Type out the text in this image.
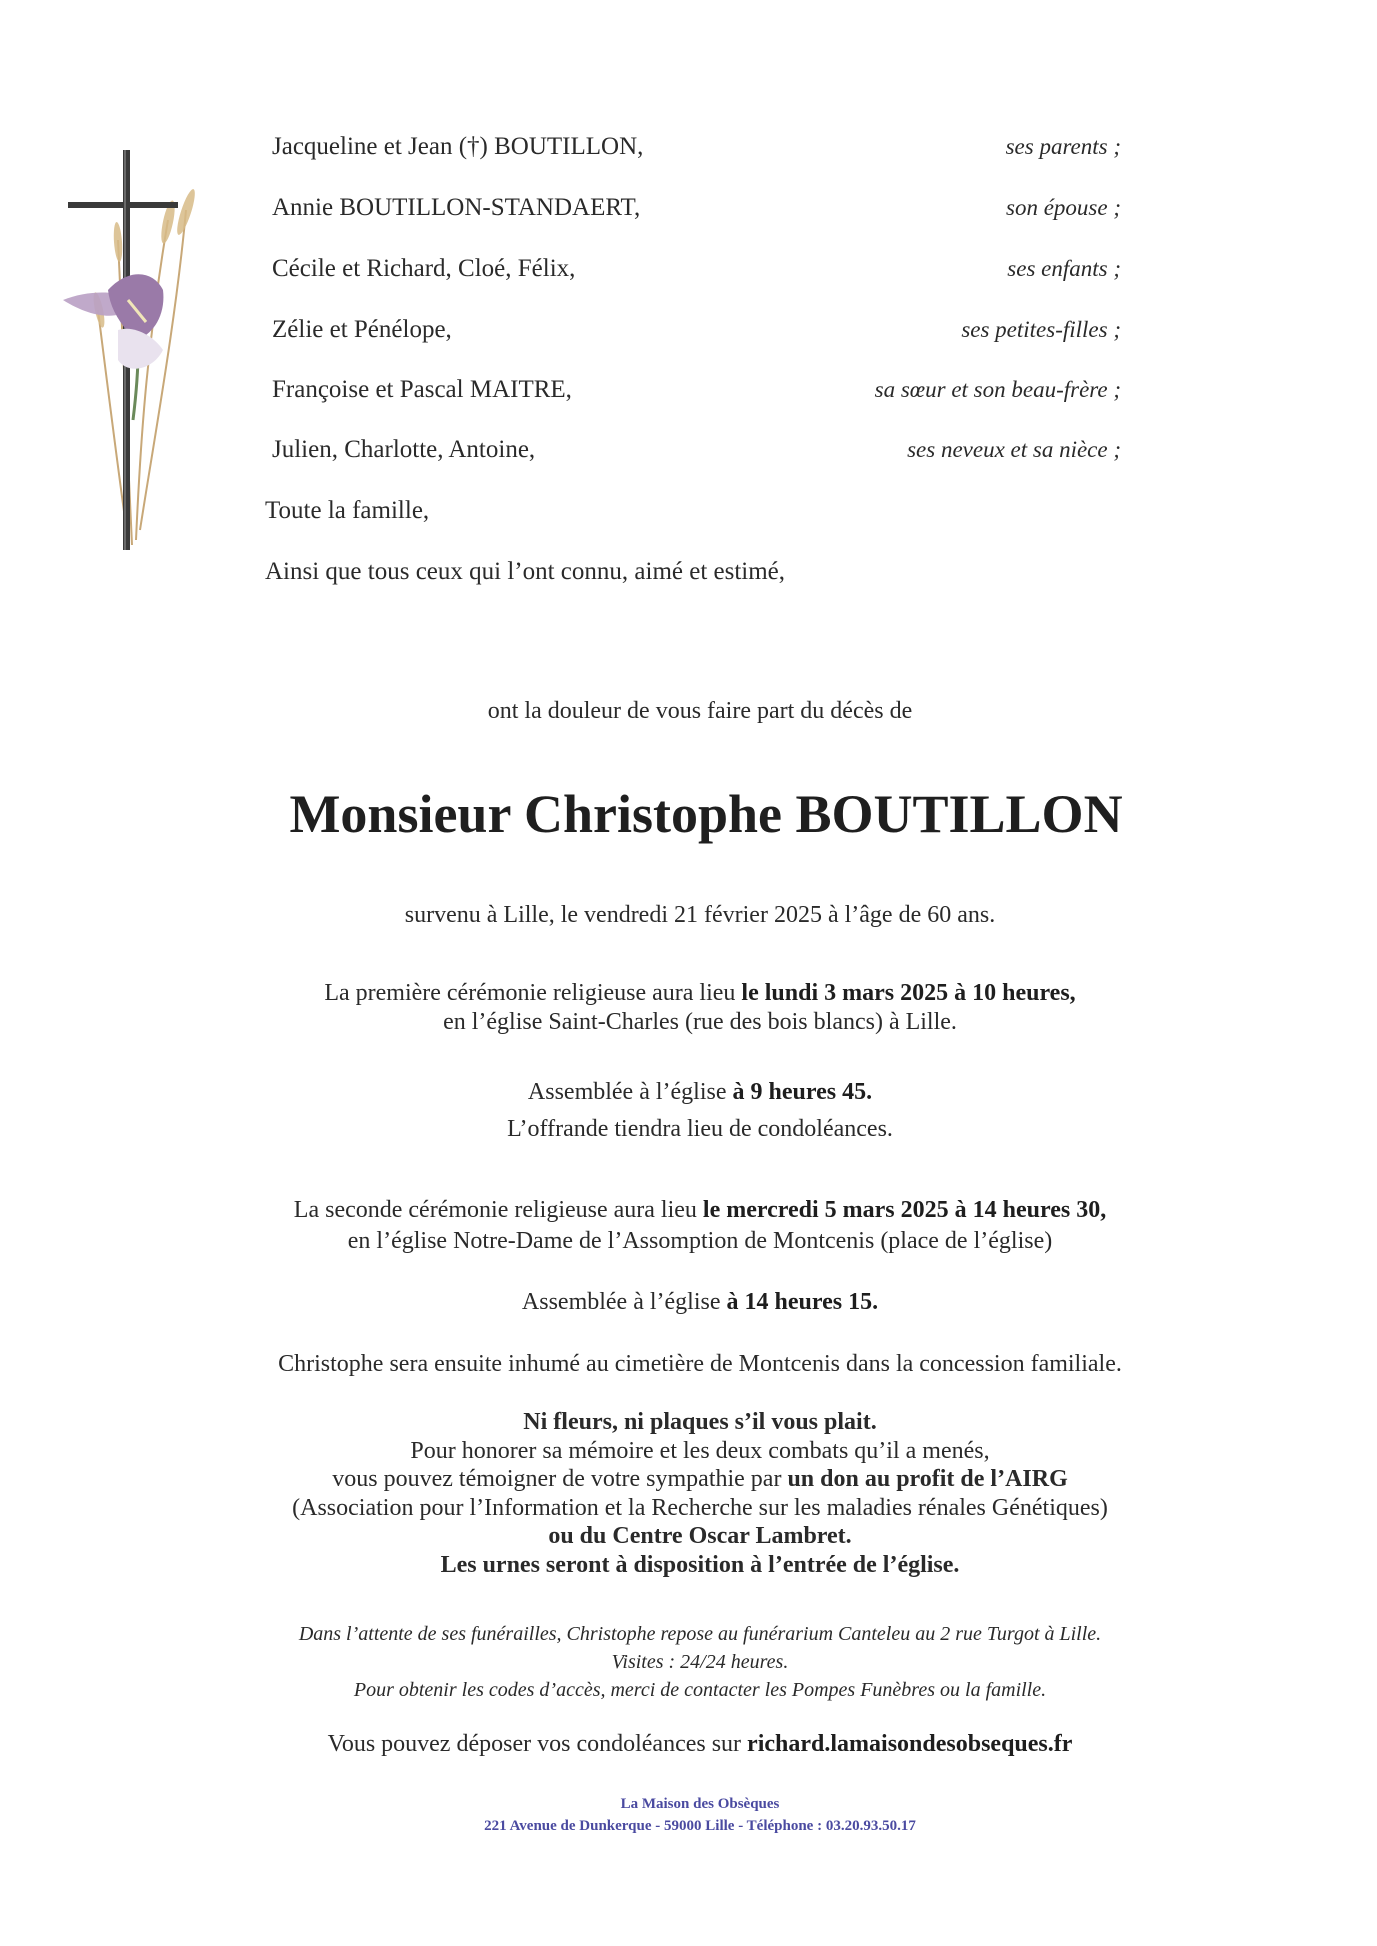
Jacqueline et Jean (†) BOUTILLON,	ses parents ;
Annie BOUTILLON-STANDAERT,	son épouse ;
Cécile et Richard, Cloé, Félix,	ses enfants ;
Zélie et Pénélope,	ses petites-filles ;
Françoise et Pascal MAITRE,	sa sœur et son beau-frère ;
Julien, Charlotte, Antoine,	ses neveux et sa nièce ;
Toute la famille,
Ainsi que tous ceux qui l’ont connu, aimé et estimé,
ont la douleur de vous faire part du décès de
Monsieur Christophe BOUTILLON
survenu à Lille, le vendredi 21 février 2025 à l’âge de 60 ans.
La première cérémonie religieuse aura lieu le lundi 3 mars 2025 à 10 heures,
en l’église Saint-Charles (rue des bois blancs) à Lille.
Assemblée à l’église à 9 heures 45.
L’offrande tiendra lieu de condoléances.
La seconde cérémonie religieuse aura lieu le mercredi 5 mars 2025 à 14 heures 30,
en l’église Notre-Dame de l’Assomption de Montcenis (place de l’église)
Assemblée à l’église à 14 heures 15.
Christophe sera ensuite inhumé au cimetière de Montcenis dans la concession familiale.
Ni fleurs, ni plaques s’il vous plait.
Pour honorer sa mémoire et les deux combats qu’il a menés,
vous pouvez témoigner de votre sympathie par un don au profit de l’AIRG
(Association pour l’Information et la Recherche sur les maladies rénales Génétiques)
ou du Centre Oscar Lambret.
Les urnes seront à disposition à l’entrée de l’église.
Dans l’attente de ses funérailles, Christophe repose au funérarium Canteleu au 2 rue Turgot à Lille.
Visites : 24/24 heures.
Pour obtenir les codes d’accès, merci de contacter les Pompes Funèbres ou la famille.
Vous pouvez déposer vos condoléances sur richard.lamaisondesobseques.fr
La Maison des Obsèques
221 Avenue de Dunkerque - 59000 Lille - Téléphone : 03.20.93.50.17
